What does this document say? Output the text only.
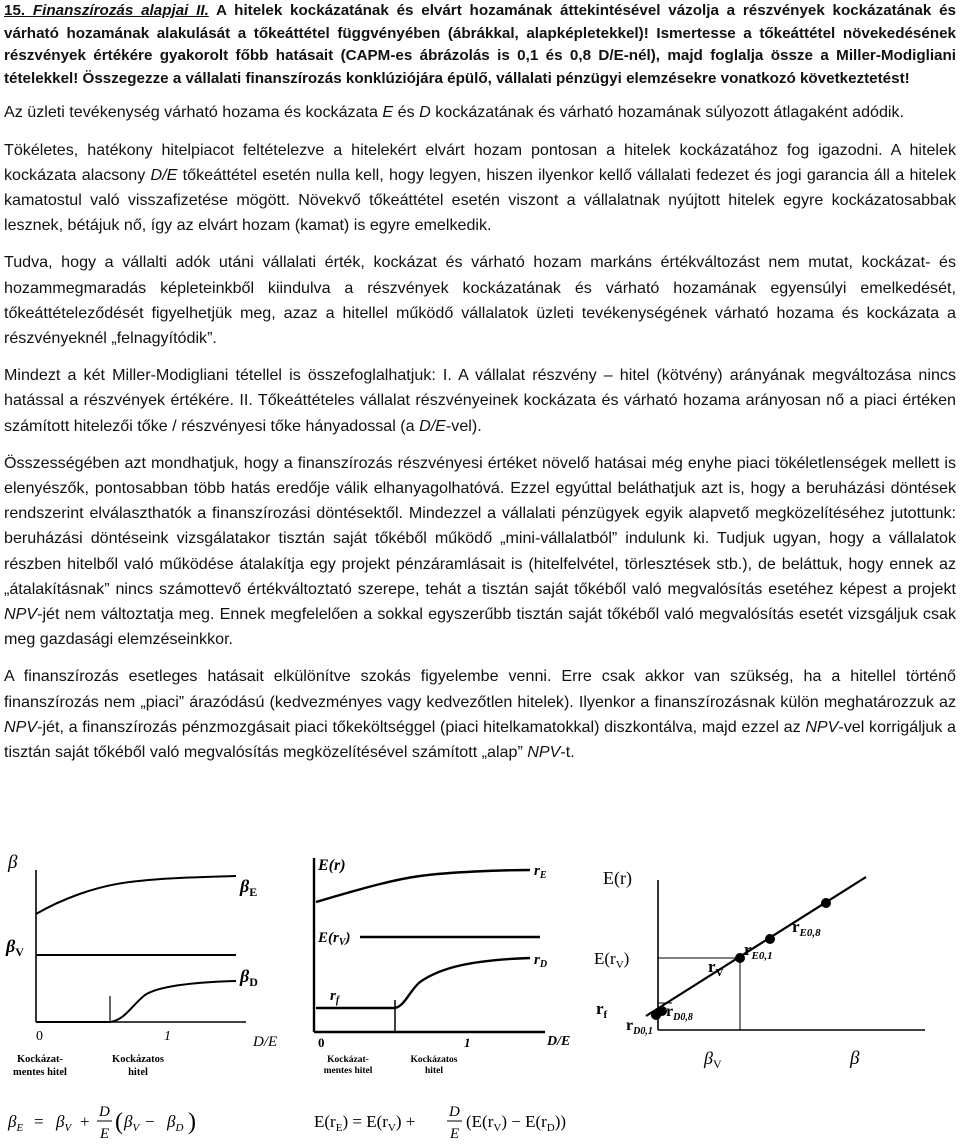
15. Finanszírozás alapjai II. A hitelek kockázatának és elvárt hozamának áttekintésével vázolja a részvények kockázatának és várható hozamának alakulását a tőkeáttétel függvényében (ábrákkal, alapképletekkel)! Ismertesse a tőkeáttétel növekedésének részvények értékére gyakorolt főbb hatásait (CAPM-es ábrázolás is 0,1 és 0,8 D/E-nél), majd foglalja össze a Miller-Modigliani tételekkel! Összegezze a vállalati finanszírozás konklúziójára épülő, vállalati pénzügyi elemzésekre vonatkozó következtetést!

Az üzleti tevékenység várható hozama és kockázata E és D kockázatának és várható hozamának súlyozott átlagaként adódik.

Tökéletes, hatékony hitelpiacot feltételezve a hitelekért elvárt hozam pontosan a hitelek kockázatához fog igazodni. A hitelek kockázata alacsony D/E tőkeáttétel esetén nulla kell, hogy legyen, hiszen ilyenkor kellő vállalati fedezet és jogi garancia áll a hitelek kamatostul való visszafizetése mögött. Növekvő tőkeáttétel esetén viszont a vállalatnak nyújtott hitelek egyre kockázatosabbak lesznek, bétájuk nő, így az elvárt hozam (kamat) is egyre emelkedik.

Tudva, hogy a vállalti adók utáni vállalati érték, kockázat és várható hozam markáns értékváltozást nem mutat, kockázat- és hozammegmaradás képleteinkből kiindulva a részvények kockázatának és várható hozamának egyensúlyi emelkedését, tőkeáttételeződését figyelhetjük meg, azaz a hitellel működő vállalatok üzleti tevékenységének várható hozama és kockázata a részvényeknél „felnagyítódik”.

Mindezt a két Miller-Modigliani tétellel is összefoglalhatjuk: I. A vállalat részvény – hitel (kötvény) arányának megváltozása nincs hatással a részvények értékére. II. Tőkeáttételes vállalat részvényeinek kockázata és várható hozama arányosan nő a piaci értéken számított hitelezői tőke / részvényesi tőke hányadossal (a D/E-vel).

Összességében azt mondhatjuk, hogy a finanszírozás részvényesi értéket növelő hatásai még enyhe piaci tökéletlenségek mellett is elenyészők, pontosabban több hatás eredője válik elhanyagolhatóvá. Ezzel egyúttal beláthatjuk azt is, hogy a beruházási döntések rendszerint elválaszthatók a finanszírozási döntésektől. Mindezzel a vállalati pénzügyek egyik alapvető megközelítéséhez jutottunk: beruházási döntéseink vizsgálatakor tisztán saját tőkéből működő „mini-vállalatból” indulunk ki. Tudjuk ugyan, hogy a vállalatok részben hitelből való működése átalakítja egy projekt pénzáramlásait is (hitelfelvétel, törlesztések stb.), de beláttuk, hogy ennek az „átalakításnak” nincs számottevő értékváltoztató szerepe, tehát a tisztán saját tőkéből való megvalósítás esetéhez képest a projekt NPV-jét nem változtatja meg. Ennek megfelelően a sokkal egyszerűbb tisztán saját tőkéből való megvalósítás esetét vizsgáljuk csak meg gazdasági elemzéseinkkor.

A finanszírozás esetleges hatásait elkülönítve szokás figyelembe venni. Erre csak akkor van szükség, ha a hitellel történő finanszírozás nem „piaci” árazódású (kedvezményes vagy kedvezőtlen hitelek). Ilyenkor a finanszírozásnak külön meghatározzuk az NPV-jét, a finanszírozás pénzmozgásait piaci tőkeköltséggel (piaci hitelkamatokkal) diszkontálva, majd ezzel az NPV-vel korrigáljuk a tisztán saját tőkéből való megvalósítás megközelítésével számított „alap” NPV-t.

β
$\beta_E$
$\beta_V$
$\beta_D$
0	1	D/E
Kockázat-mentes hitel
Kockázatos hitel
$\beta_E = \beta_V + D$
E ( $\beta_V - \beta_D$ )
E(r)
$E(r_V)$
$r_E$
$r_D$
$r_f$
0	1	D/E
Kockázat-mentes hitel
Kockázatos hitel
$E(r_E) = E(r_V) + D$
E
$(E(r_V) - E(r_D))$
E(r)
$E(r_V)$
$r_{E0,8}$
$r_{E0,1}$
$r_V$
$r_f$	$r_{D0,8}$
$r_{D0,1}$
$\beta_V$	β
